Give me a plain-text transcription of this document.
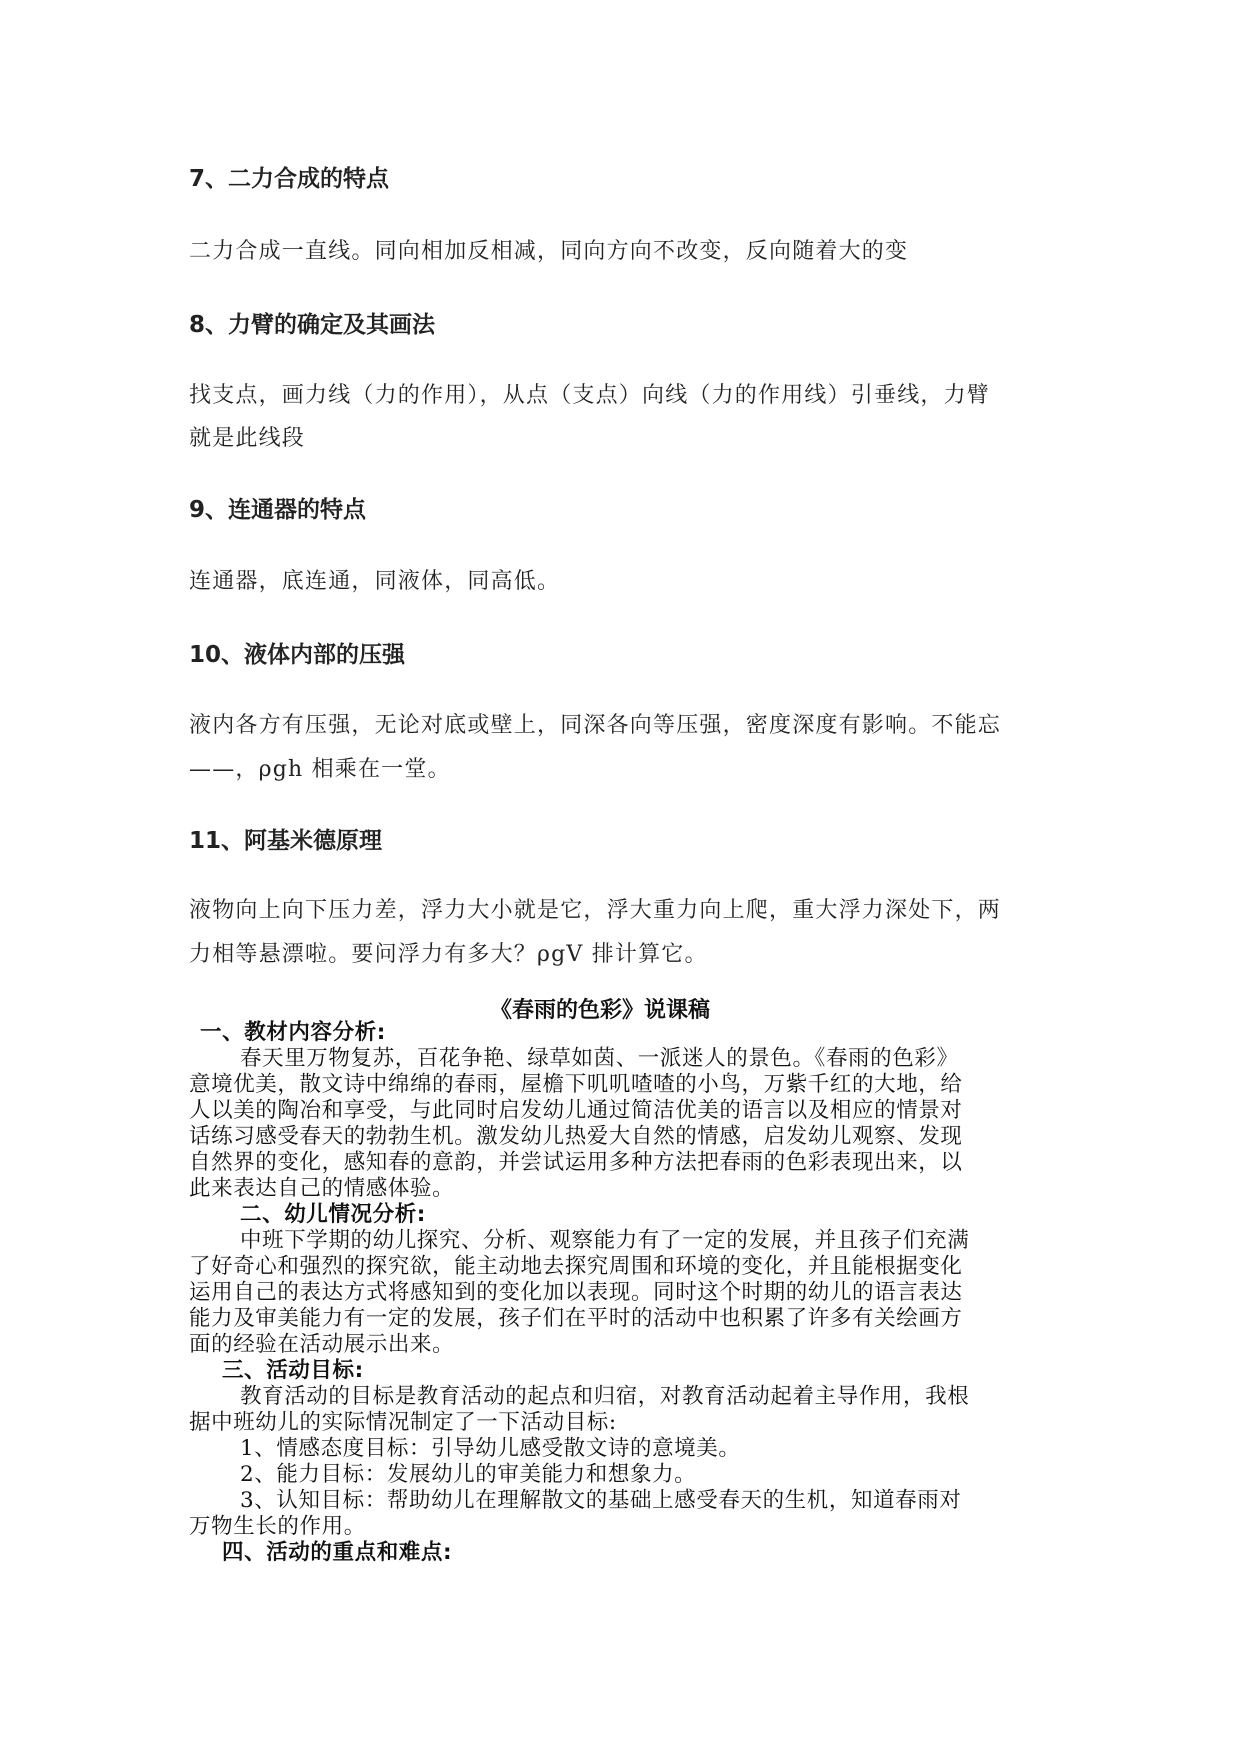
7、二力合成的特点
二力合成一直线。同向相加反相减，同向方向不改变，反向随着大的变
8、力臂的确定及其画法
找支点，画力线（力的作用），从点（支点）向线（力的作用线）引垂线，力臂
就是此线段
9、连通器的特点
连通器，底连通，同液体，同高低。
10、液体内部的压强
液内各方有压强，无论对底或壁上，同深各向等压强，密度深度有影响。不能忘
——，ρgh 相乘在一堂。
11、阿基米德原理
液物向上向下压力差，浮力大小就是它，浮大重力向上爬，重大浮力深处下，两
力相等悬漂啦。要问浮力有多大？ρgV 排计算它。
《春雨的色彩》说课稿
一、教材内容分析:
春天里万物复苏，百花争艳、绿草如茵、一派迷人的景色。《春雨的色彩》
意境优美，散文诗中绵绵的春雨，屋檐下叽叽喳喳的小鸟，万紫千红的大地，给
人以美的陶冶和享受，与此同时启发幼儿通过简洁优美的语言以及相应的情景对
话练习感受春天的勃勃生机。激发幼儿热爱大自然的情感，启发幼儿观察、发现
自然界的变化，感知春的意韵，并尝试运用多种方法把春雨的色彩表现出来，以
此来表达自己的情感体验。
二、幼儿情况分析:
中班下学期的幼儿探究、分析、观察能力有了一定的发展，并且孩子们充满
了好奇心和强烈的探究欲，能主动地去探究周围和环境的变化，并且能根据变化
运用自己的表达方式将感知到的变化加以表现。同时这个时期的幼儿的语言表达
能力及审美能力有一定的发展，孩子们在平时的活动中也积累了许多有关绘画方
面的经验在活动展示出来。
三、活动目标:
教育活动的目标是教育活动的起点和归宿，对教育活动起着主导作用，我根
据中班幼儿的实际情况制定了一下活动目标:
1、情感态度目标：引导幼儿感受散文诗的意境美。
2、能力目标：发展幼儿的审美能力和想象力。
3、认知目标：帮助幼儿在理解散文的基础上感受春天的生机，知道春雨对
万物生长的作用。
四、活动的重点和难点:
